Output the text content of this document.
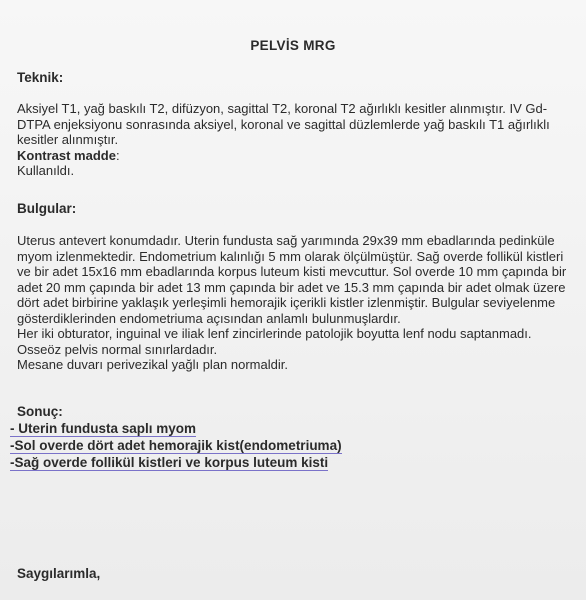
PELVİS MRG
Teknik:

Aksiyel T1, yağ baskılı T2, difüzyon, sagittal T2, koronal T2 ağırlıklı kesitler alınmıştır. IV Gd-DTPA enjeksiyonu sonrasında aksiyel, koronal ve sagittal düzlemlerde yağ baskılı T1 ağırlıklı kesitler alınmıştır.

Kontrast madde:

Kullanıldı.

Bulgular:

Uterus antevert konumdadır. Uterin fundusta sağ yarımında 29x39 mm ebadlarında pedinküle myom izlenmektedir. Endometrium kalınlığı 5 mm olarak ölçülmüştür. Sağ overde follikül kistleri ve bir adet 15x16 mm ebadlarında korpus luteum kisti mevcuttur. Sol overde 10 mm çapında bir adet 20 mm çapında bir adet 13 mm çapında bir adet ve 15.3 mm çapında bir adet olmak üzere dört adet birbirine yaklaşık yerleşimli hemorajik içerikli kistler izlenmiştir. Bulgular seviyelenme gösterdiklerinden endometriuma açısından anlamlı bulunmuşlardır.

Her iki obturator, inguinal ve iliak lenf zincirlerinde patolojik boyutta lenf nodu saptanmadı.

Osseöz pelvis normal sınırlardadır.

Mesane duvarı perivezikal yağlı plan normaldir.

Sonuç:

- Uterin fundusta saplı myom

-Sol overde dört adet hemorajik kist(endometriuma)

-Sağ overde follikül kistleri ve korpus luteum kisti

Saygılarımla,
